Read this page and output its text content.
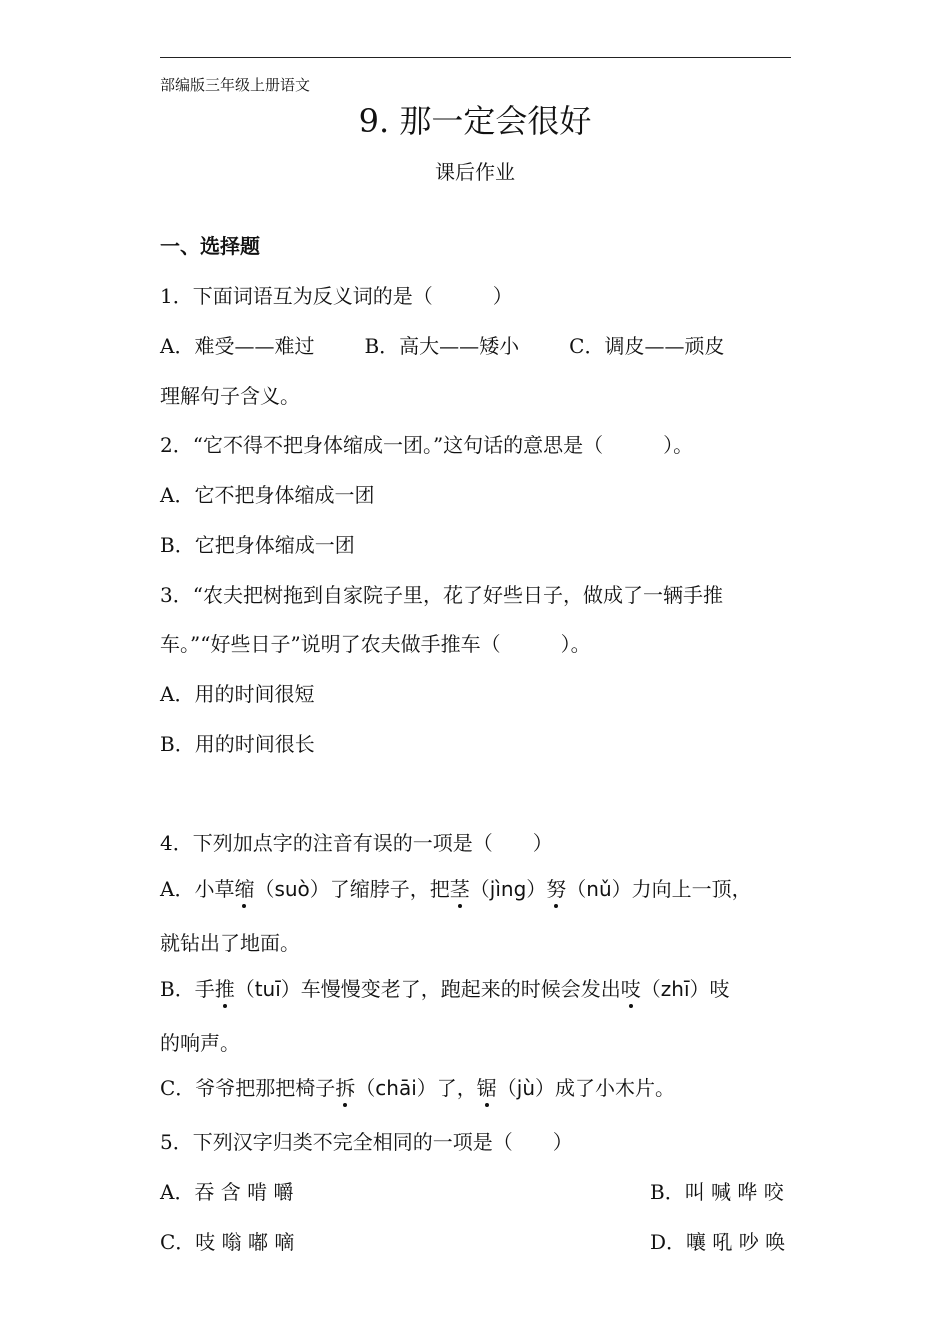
部编版三年级上册语文
9. 那一定会很好
课后作业
一、选择题
1．下面词语互为反义词的是（　　　）
A．难受——难过	B．高大——矮小	C．调皮——顽皮
理解句子含义。
2．“它不得不把身体缩成一团。”这句话的意思是（　　　）。
A．它不把身体缩成一团
B．它把身体缩成一团
3．“农夫把树拖到自家院子里，花了好些日子，做成了一辆手推
车。”“好些日子”说明了农夫做手推车（　　　）。
A．用的时间很短
B．用的时间很长
4．下列加点字的注音有误的一项是（　　）
A．小草缩（suò）了缩脖子，把茎（jìng）努（nǔ）力向上一顶，
就钻出了地面。
B．手推（tuī）车慢慢变老了，跑起来的时候会发出吱（zhī）吱
的响声。
C．爷爷把那把椅子拆（chāi）了，锯（jù）成了小木片。
5．下列汉字归类不完全相同的一项是（　　）
A．吞 含 啃 嚼	B．叫 喊 哗 咬
C．吱 嗡 嘟 嘀	D．嚷 吼 吵 唤
